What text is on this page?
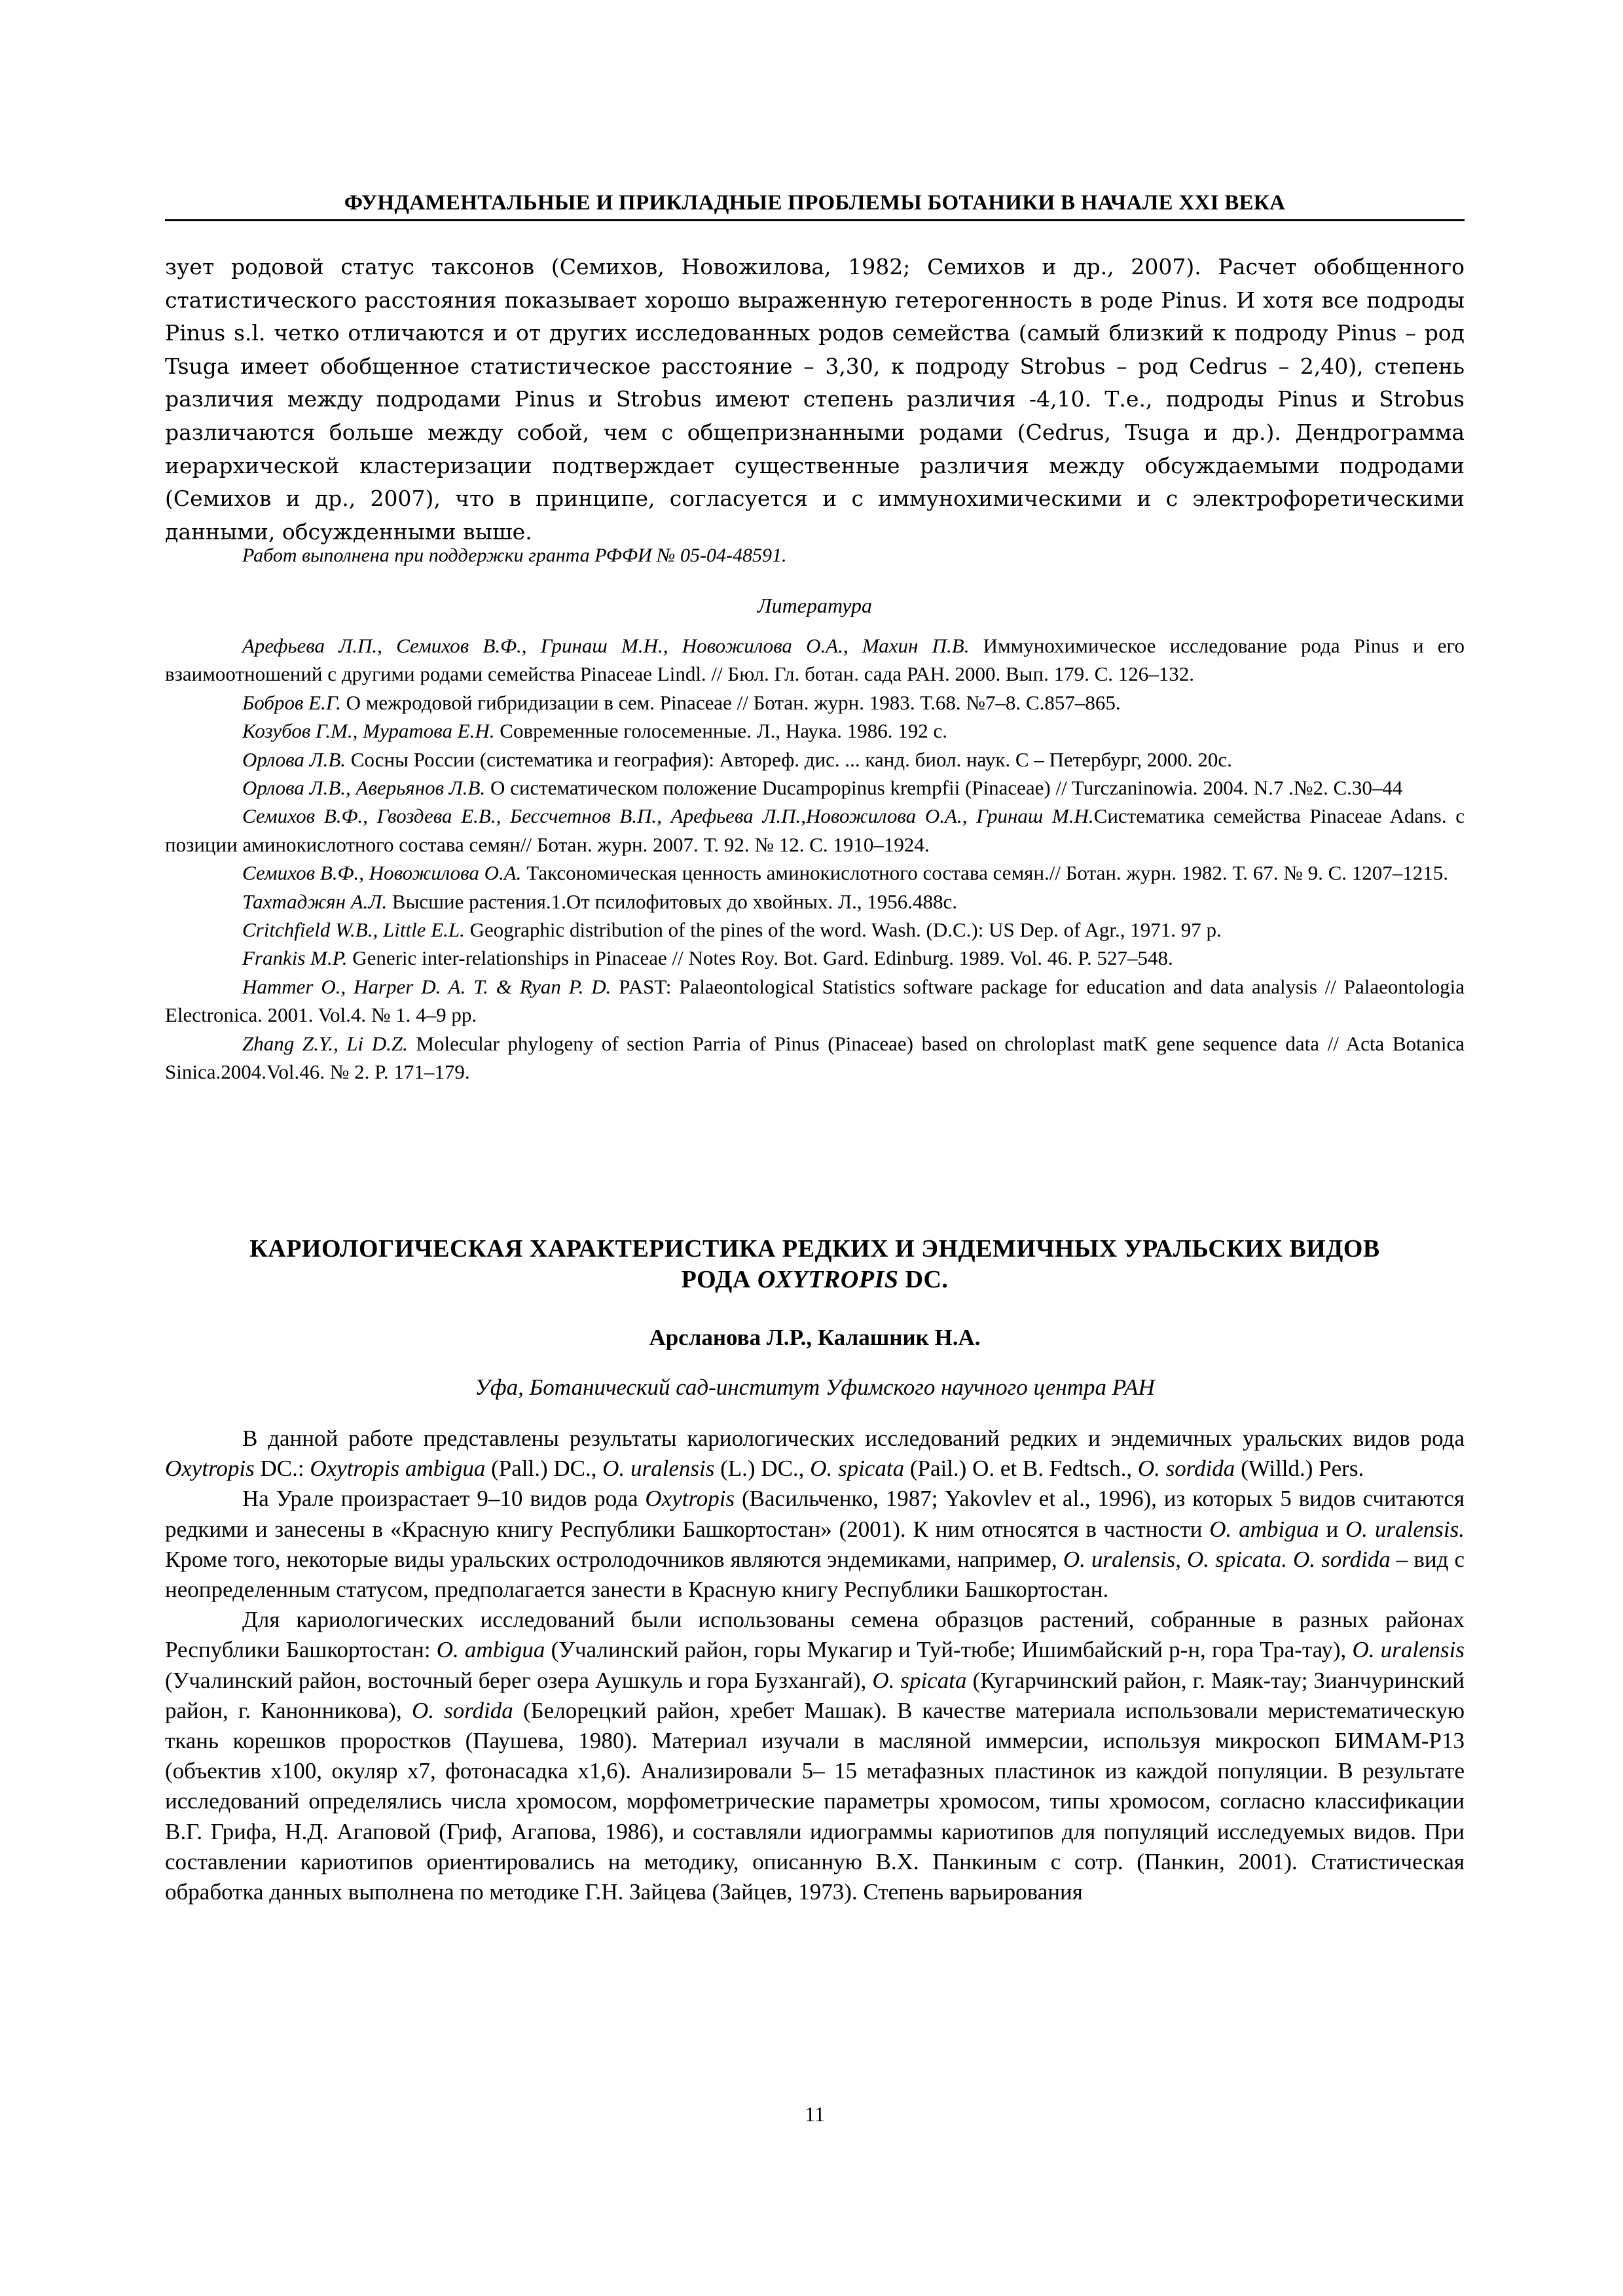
ФУНДАМЕНТАЛЬНЫЕ И ПРИКЛАДНЫЕ ПРОБЛЕМЫ БОТАНИКИ В НАЧАЛЕ XXI ВЕКА

зует родовой статус таксонов (Семихов, Новожилова, 1982; Семихов и др., 2007). Расчет обобщенного статистического расстояния показывает хорошо выраженную гетерогенность в роде Pinus. И хотя все подроды Pinus s.l. четко отличаются и от других исследованных родов семейства (самый близкий к подроду Pinus – род Tsuga имеет обобщенное статистическое расстояние – 3,30, к подроду Strobus – род Cedrus – 2,40), степень различия между подродами Pinus и Strobus имеют степень различия -4,10. Т.е., подроды Pinus и Strobus различаются больше между собой, чем с общепризнанными родами (Cedrus, Tsuga и др.). Дендрограмма иерархической кластеризации подтверждает существенные различия между обсуждаемыми подродами (Семихов и др., 2007), что в принципе, согласуется и с иммунохимическими и с электрофоретическими данными, обсужденными выше.

Работ выполнена при поддержки гранта РФФИ № 05-04-48591.
Литература

Арефьева Л.П., Семихов В.Ф., Гринаш М.Н., Новожилова О.А., Махин П.В. Иммунохимическое исследование рода Pinus и его взаимоотношений с другими родами семейства Pinaceae Lindl. // Бюл. Гл. ботан. сада РАН. 2000. Вып. 179. С. 126–132.

Бобров Е.Г. О межродовой гибридизации в сем. Pinaceae // Ботан. журн. 1983. Т.68. №7–8. С.857–865.

Козубов Г.М., Муратова Е.Н. Современные голосеменные. Л., Наука. 1986. 192 с.

Орлова Л.В. Сосны России (систематика и география): Автореф. дис. ... канд. биол. наук. С – Петербург, 2000. 20с.

Орлова Л.В., Аверьянов Л.В. О систематическом положение Ducampopinus krempfii (Pinaceae) // Turczaninowia. 2004. N.7 .№2. С.30–44

Семихов В.Ф., Гвоздева Е.В., Бессчетнов В.П., Арефьева Л.П.,Новожилова О.А., Гринаш М.Н.Систематика семейства Pinaceae Adans. с позиции аминокислотного состава семян// Ботан. журн. 2007. Т. 92. № 12. С. 1910–1924.

Семихов В.Ф., Новожилова О.А. Таксономическая ценность аминокислотного состава семян.// Ботан. журн. 1982. Т. 67. № 9. С. 1207–1215.

Тахтаджян А.Л. Высшие растения.1.От псилофитовых до хвойных. Л., 1956.488с.

Critchfield W.B., Little E.L. Geographic distribution of the pines of the word. Wash. (D.C.): US Dep. of Agr., 1971. 97 p.

Frankis M.P. Generic inter-relationships in Pinaceae // Notes Roy. Bot. Gard. Edinburg. 1989. Vol. 46. P. 527–548.

Hammer O., Harper D. A. T. & Ryan P. D. PAST: Palaeontological Statistics software package for education and data analysis // Palaeontologia Electronica. 2001. Vol.4. № 1. 4–9 pp.

Zhang Z.Y., Li D.Z. Molecular phylogeny of section Parria of Pinus (Pinaceae) based on chroloplast matK gene sequence data // Acta Botanica Sinica.2004.Vol.46. № 2. P. 171–179.

КАРИОЛОГИЧЕСКАЯ ХАРАКТЕРИСТИКА РЕДКИХ И ЭНДЕМИЧНЫХ УРАЛЬСКИХ ВИДОВ
РОДА OXYTROPIS DC.
Арсланова Л.Р., Калашник Н.А.
Уфа, Ботанический сад-институт Уфимского научного центра РАН

В данной работе представлены результаты кариологических исследований редких и эндемичных уральских видов рода Oxytropis DC.: Oxytropis ambigua (Pall.) DC., O. uralensis (L.) DC., O. spicata (Pail.) O. et B. Fedtsch., O. sordida (Willd.) Pers.

На Урале произрастает 9–10 видов рода Oxytropis (Васильченко, 1987; Yakovlev et al., 1996), из которых 5 видов считаются редкими и занесены в «Красную книгу Республики Башкортостан» (2001). К ним относятся в частности O. ambigua и O. uralensis. Кроме того, некоторые виды уральских остролодочников являются эндемиками, например, O. uralensis, O. spicata. O. sordida – вид с неопределенным статусом, предполагается занести в Красную книгу Республики Башкортостан.

Для кариологических исследований были использованы семена образцов растений, собранные в разных районах Республики Башкортостан: O. ambigua (Учалинский район, горы Мукагир и Туй-тюбе; Ишимбайский р-н, гора Тра-тау), O. uralensis (Учалинский район, восточный берег озера Аушкуль и гора Бузхангай), O. spicata (Кугарчинский район, г. Маяк-тау; Зианчуринский район, г. Канонникова), O. sordida (Белорецкий район, хребет Машак). В качестве материала использовали меристематическую ткань корешков проростков (Паушева, 1980). Материал изучали в масляной иммерсии, используя микроскоп БИМАМ-Р13 (объектив х100, окуляр х7, фотонасадка х1,6). Анализировали 5– 15 метафазных пластинок из каждой популяции. В результате исследований определялись числа хромосом, морфометрические параметры хромосом, типы хромосом, согласно классификации В.Г. Грифа, Н.Д. Агаповой (Гриф, Агапова, 1986), и составляли идиограммы кариотипов для популяций исследуемых видов. При составлении кариотипов ориентировались на методику, описанную В.Х. Панкиным с сотр. (Панкин, 2001). Статистическая обработка данных выполнена по методике Г.Н. Зайцева (Зайцев, 1973). Степень варьирования

11
